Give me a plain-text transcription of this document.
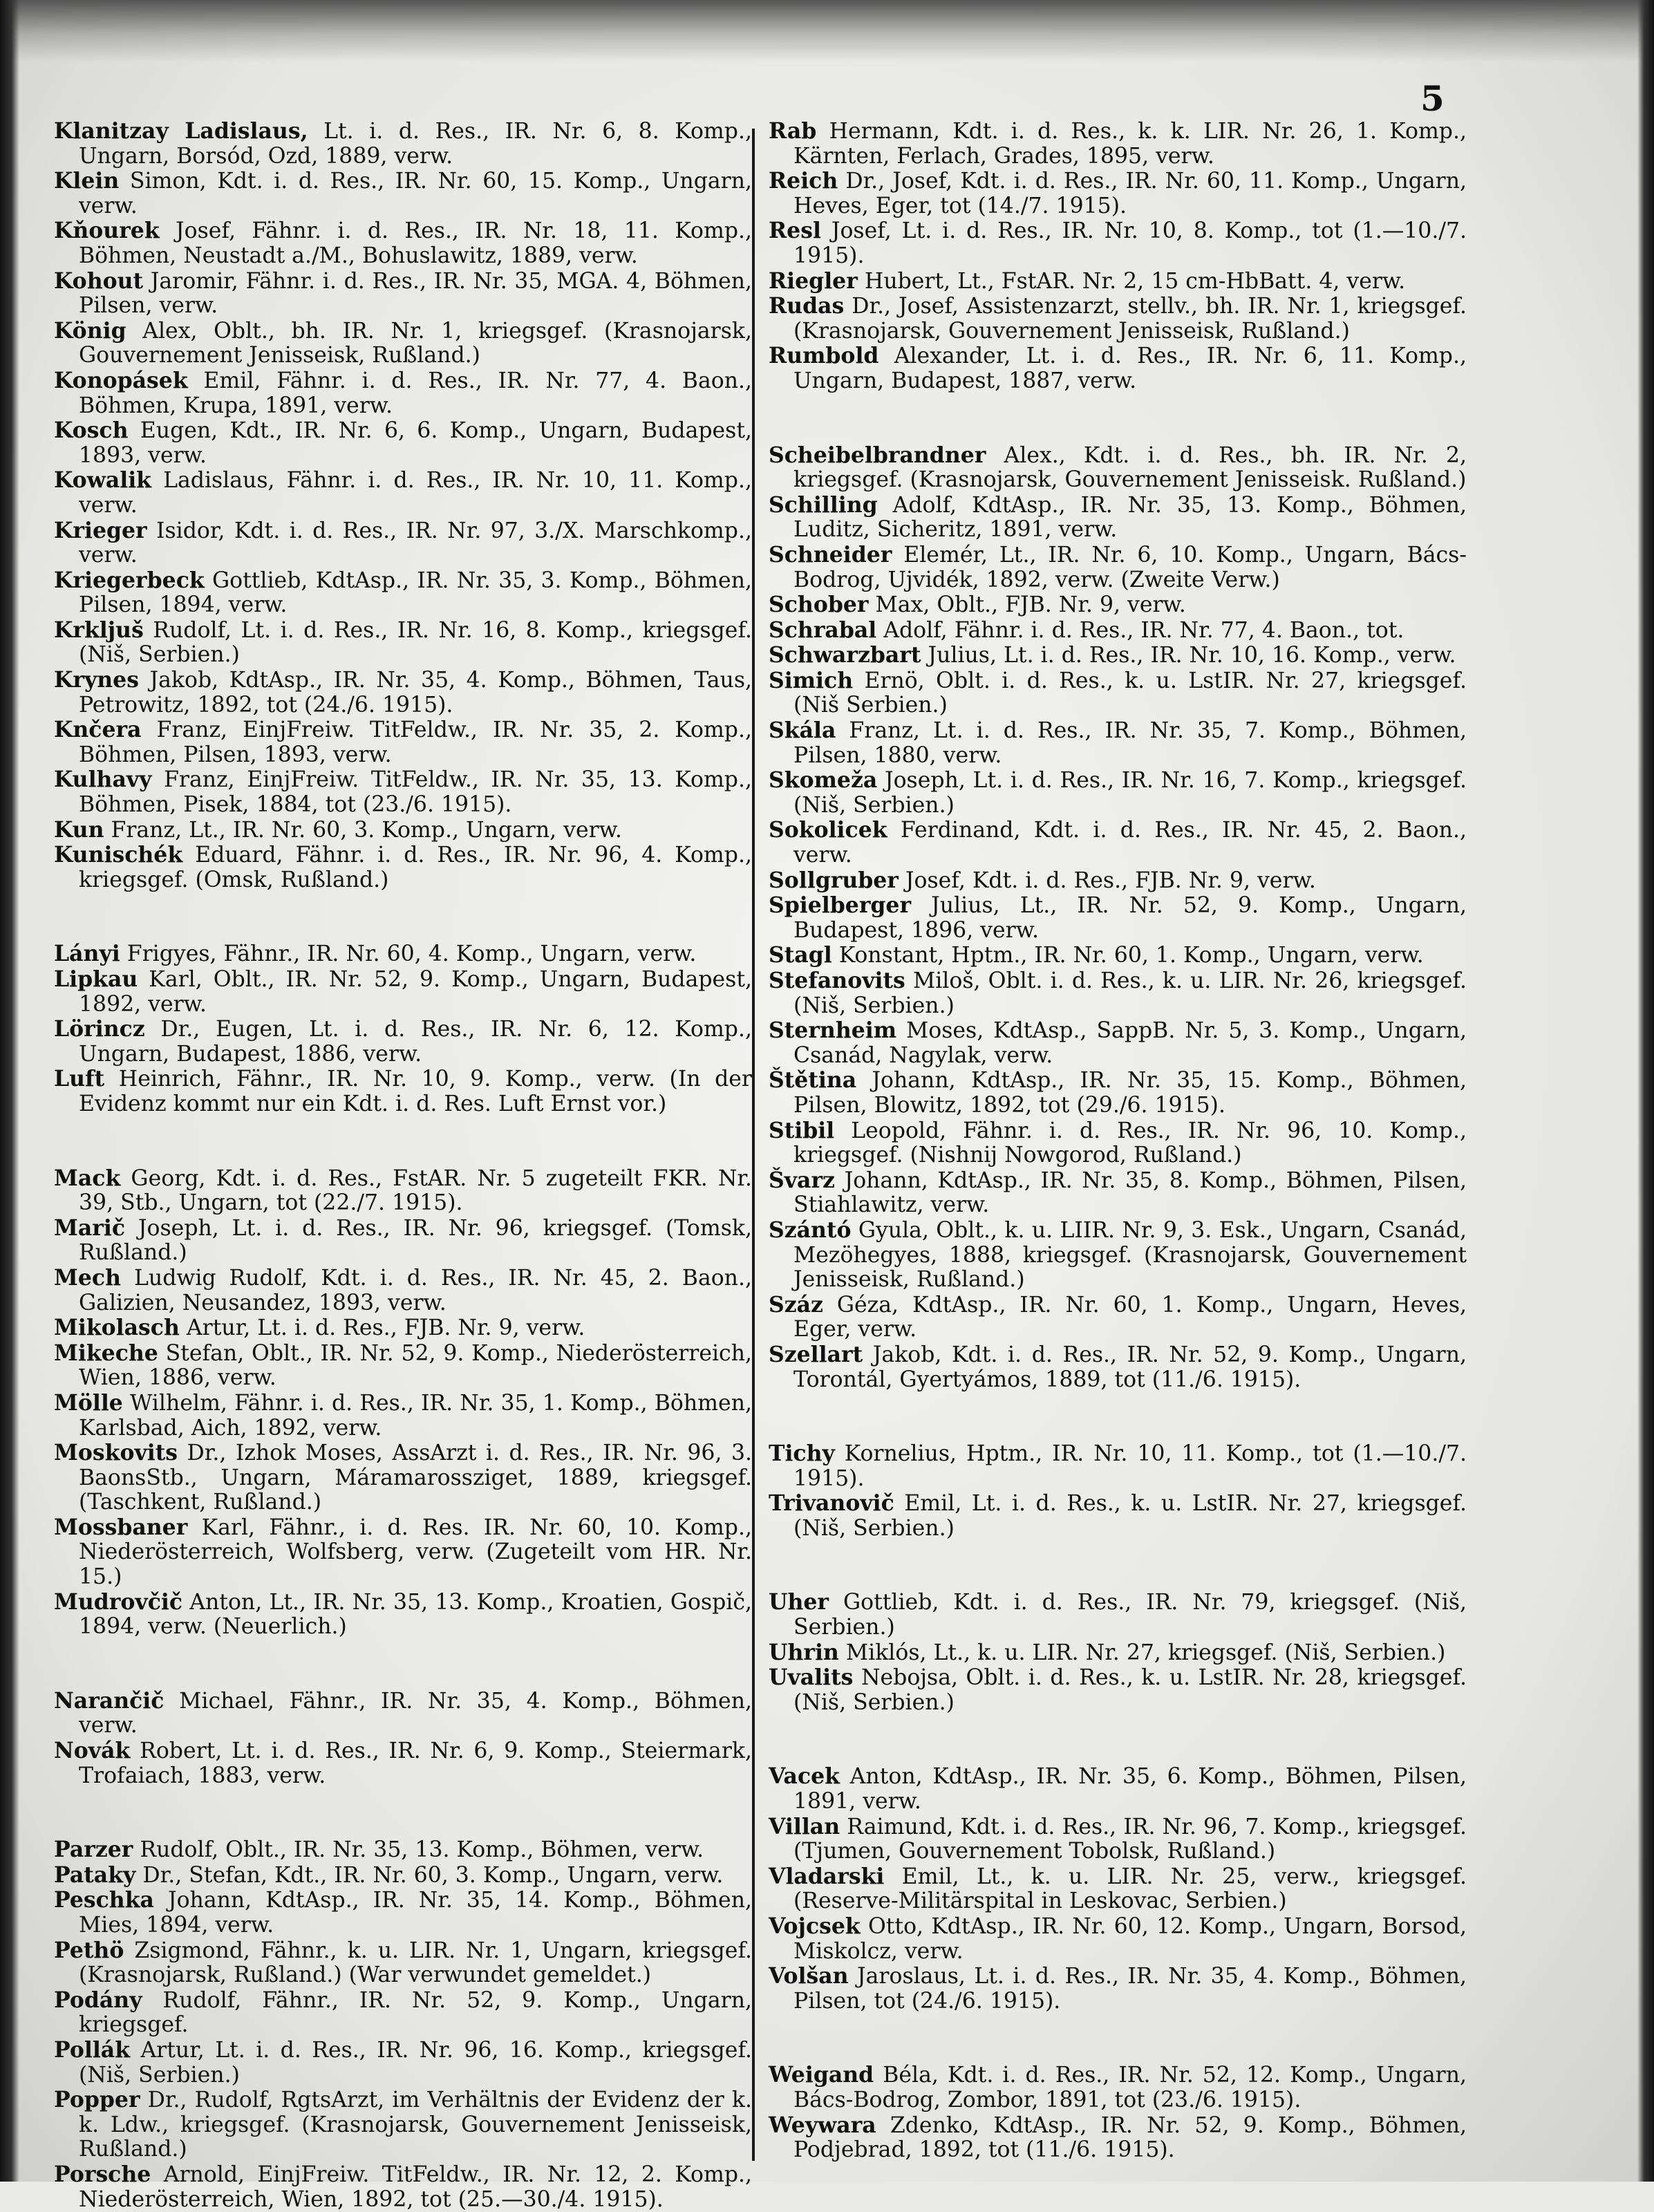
5

Klanitzay Ladislaus, Lt. i. d. Res., IR. Nr. 6, 8. Komp., Ungarn, Borsód, Ozd, 1889, verw.

Klein Simon, Kdt. i. d. Res., IR. Nr. 60, 15. Komp., Ungarn, verw.

Kňourek Josef, Fähnr. i. d. Res., IR. Nr. 18, 11. Komp., Böhmen, Neustadt a./M., Bohuslawitz, 1889, verw.

Kohout Jaromir, Fähnr. i. d. Res., IR. Nr. 35, MGA. 4, Böhmen, Pilsen, verw.

König Alex, Oblt., bh. IR. Nr. 1, kriegsgef. (Krasnojarsk, Gouvernement Jenisseisk, Rußland.)

Konopásek Emil, Fähnr. i. d. Res., IR. Nr. 77, 4. Baon., Böhmen, Krupa, 1891, verw.

Kosch Eugen, Kdt., IR. Nr. 6, 6. Komp., Ungarn, Budapest, 1893, verw.

Kowalik Ladislaus, Fähnr. i. d. Res., IR. Nr. 10, 11. Komp., verw.

Krieger Isidor, Kdt. i. d. Res., IR. Nr. 97, 3./X. Marschkomp., verw.

Kriegerbeck Gottlieb, KdtAsp., IR. Nr. 35, 3. Komp., Böhmen, Pilsen, 1894, verw.

Krkljuš Rudolf, Lt. i. d. Res., IR. Nr. 16, 8. Komp., kriegsgef. (Niš, Serbien.)

Krynes Jakob, KdtAsp., IR. Nr. 35, 4. Komp., Böhmen, Taus, Petrowitz, 1892, tot (24./6. 1915).

Knčera Franz, EinjFreiw. TitFeldw., IR. Nr. 35, 2. Komp., Böhmen, Pilsen, 1893, verw.

Kulhavy Franz, EinjFreiw. TitFeldw., IR. Nr. 35, 13. Komp., Böhmen, Pisek, 1884, tot (23./6. 1915).

Kun Franz, Lt., IR. Nr. 60, 3. Komp., Ungarn, verw.

Kunischék Eduard, Fähnr. i. d. Res., IR. Nr. 96, 4. Komp., kriegsgef. (Omsk, Rußland.)

Lányi Frigyes, Fähnr., IR. Nr. 60, 4. Komp., Ungarn, verw.

Lipkau Karl, Oblt., IR. Nr. 52, 9. Komp., Ungarn, Budapest, 1892, verw.

Lörincz Dr., Eugen, Lt. i. d. Res., IR. Nr. 6, 12. Komp., Ungarn, Budapest, 1886, verw.

Luft Heinrich, Fähnr., IR. Nr. 10, 9. Komp., verw. (In der Evidenz kommt nur ein Kdt. i. d. Res. Luft Ernst vor.)

Mack Georg, Kdt. i. d. Res., FstAR. Nr. 5 zugeteilt FKR. Nr. 39, Stb., Ungarn, tot (22./7. 1915).

Marič Joseph, Lt. i. d. Res., IR. Nr. 96, kriegsgef. (Tomsk, Rußland.)

Mech Ludwig Rudolf, Kdt. i. d. Res., IR. Nr. 45, 2. Baon., Galizien, Neusandez, 1893, verw.

Mikolasch Artur, Lt. i. d. Res., FJB. Nr. 9, verw.

Mikeche Stefan, Oblt., IR. Nr. 52, 9. Komp., Niederösterreich, Wien, 1886, verw.

Mölle Wilhelm, Fähnr. i. d. Res., IR. Nr. 35, 1. Komp., Böhmen, Karlsbad, Aich, 1892, verw.

Moskovits Dr., Izhok Moses, AssArzt i. d. Res., IR. Nr. 96, 3. BaonsStb., Ungarn, Máramarossziget, 1889, kriegsgef. (Taschkent, Rußland.)

Mossbaner Karl, Fähnr., i. d. Res. IR. Nr. 60, 10. Komp., Niederösterreich, Wolfsberg, verw. (Zugeteilt vom HR. Nr. 15.)

Mudrovčič Anton, Lt., IR. Nr. 35, 13. Komp., Kroatien, Gospič, 1894, verw. (Neuerlich.)

Narančič Michael, Fähnr., IR. Nr. 35, 4. Komp., Böhmen, verw.

Novák Robert, Lt. i. d. Res., IR. Nr. 6, 9. Komp., Steiermark, Trofaiach, 1883, verw.

Parzer Rudolf, Oblt., IR. Nr. 35, 13. Komp., Böhmen, verw.

Pataky Dr., Stefan, Kdt., IR. Nr. 60, 3. Komp., Ungarn, verw.

Peschka Johann, KdtAsp., IR. Nr. 35, 14. Komp., Böhmen, Mies, 1894, verw.

Pethö Zsigmond, Fähnr., k. u. LIR. Nr. 1, Ungarn, kriegsgef. (Krasnojarsk, Rußland.) (War verwundet gemeldet.)

Podány Rudolf, Fähnr., IR. Nr. 52, 9. Komp., Ungarn, kriegsgef.

Pollák Artur, Lt. i. d. Res., IR. Nr. 96, 16. Komp., kriegsgef. (Niš, Serbien.)

Popper Dr., Rudolf, RgtsArzt, im Verhältnis der Evidenz der k. k. Ldw., kriegsgef. (Krasnojarsk, Gouvernement Jenisseisk, Rußland.)

Porsche Arnold, EinjFreiw. TitFeldw., IR. Nr. 12, 2. Komp., Niederösterreich, Wien, 1892, tot (25.—30./4. 1915).

Rab Hermann, Kdt. i. d. Res., k. k. LIR. Nr. 26, 1. Komp., Kärnten, Ferlach, Grades, 1895, verw.

Reich Dr., Josef, Kdt. i. d. Res., IR. Nr. 60, 11. Komp., Ungarn, Heves, Eger, tot (14./7. 1915).

Resl Josef, Lt. i. d. Res., IR. Nr. 10, 8. Komp., tot (1.—10./7. 1915).

Riegler Hubert, Lt., FstAR. Nr. 2, 15 cm-HbBatt. 4, verw.

Rudas Dr., Josef, Assistenzarzt, stellv., bh. IR. Nr. 1, kriegsgef. (Krasnojarsk, Gouvernement Jenisseisk, Rußland.)

Rumbold Alexander, Lt. i. d. Res., IR. Nr. 6, 11. Komp., Ungarn, Budapest, 1887, verw.

Scheibelbrandner Alex., Kdt. i. d. Res., bh. IR. Nr. 2, kriegsgef. (Krasnojarsk, Gouvernement Jenisseisk. Rußland.)

Schilling Adolf, KdtAsp., IR. Nr. 35, 13. Komp., Böhmen, Luditz, Sicheritz, 1891, verw.

Schneider Elemér, Lt., IR. Nr. 6, 10. Komp., Ungarn, Bács-Bodrog, Ujvidék, 1892, verw. (Zweite Verw.)

Schober Max, Oblt., FJB. Nr. 9, verw.

Schrabal Adolf, Fähnr. i. d. Res., IR. Nr. 77, 4. Baon., tot.

Schwarzbart Julius, Lt. i. d. Res., IR. Nr. 10, 16. Komp., verw.

Simich Ernö, Oblt. i. d. Res., k. u. LstIR. Nr. 27, kriegsgef. (Niš Serbien.)

Skála Franz, Lt. i. d. Res., IR. Nr. 35, 7. Komp., Böhmen, Pilsen, 1880, verw.

Skomeža Joseph, Lt. i. d. Res., IR. Nr. 16, 7. Komp., kriegsgef. (Niš, Serbien.)

Sokolicek Ferdinand, Kdt. i. d. Res., IR. Nr. 45, 2. Baon., verw.

Sollgruber Josef, Kdt. i. d. Res., FJB. Nr. 9, verw.

Spielberger Julius, Lt., IR. Nr. 52, 9. Komp., Ungarn, Budapest, 1896, verw.

Stagl Konstant, Hptm., IR. Nr. 60, 1. Komp., Ungarn, verw.

Stefanovits Miloš, Oblt. i. d. Res., k. u. LIR. Nr. 26, kriegsgef. (Niš, Serbien.)

Sternheim Moses, KdtAsp., SappB. Nr. 5, 3. Komp., Ungarn, Csanád, Nagylak, verw.

Štětina Johann, KdtAsp., IR. Nr. 35, 15. Komp., Böhmen, Pilsen, Blowitz, 1892, tot (29./6. 1915).

Stibil Leopold, Fähnr. i. d. Res., IR. Nr. 96, 10. Komp., kriegsgef. (Nishnij Nowgorod, Rußland.)

Švarz Johann, KdtAsp., IR. Nr. 35, 8. Komp., Böhmen, Pilsen, Stiahlawitz, verw.

Szántó Gyula, Oblt., k. u. LIIR. Nr. 9, 3. Esk., Ungarn, Csanád, Mezöhegyes, 1888, kriegsgef. (Krasnojarsk, Gouvernement Jenisseisk, Rußland.)

Száz Géza, KdtAsp., IR. Nr. 60, 1. Komp., Ungarn, Heves, Eger, verw.

Szellart Jakob, Kdt. i. d. Res., IR. Nr. 52, 9. Komp., Ungarn, Torontál, Gyertyámos, 1889, tot (11./6. 1915).

Tichy Kornelius, Hptm., IR. Nr. 10, 11. Komp., tot (1.—10./7. 1915).

Trivanovič Emil, Lt. i. d. Res., k. u. LstIR. Nr. 27, kriegsgef. (Niš, Serbien.)

Uher Gottlieb, Kdt. i. d. Res., IR. Nr. 79, kriegsgef. (Niš, Serbien.)

Uhrin Miklós, Lt., k. u. LIR. Nr. 27, kriegsgef. (Niš, Serbien.)

Uvalits Nebojsa, Oblt. i. d. Res., k. u. LstIR. Nr. 28, kriegsgef. (Niš, Serbien.)

Vacek Anton, KdtAsp., IR. Nr. 35, 6. Komp., Böhmen, Pilsen, 1891, verw.

Villan Raimund, Kdt. i. d. Res., IR. Nr. 96, 7. Komp., kriegsgef. (Tjumen, Gouvernement Tobolsk, Rußland.)

Vladarski Emil, Lt., k. u. LIR. Nr. 25, verw., kriegsgef. (Reserve-Militärspital in Leskovac, Serbien.)

Vojcsek Otto, KdtAsp., IR. Nr. 60, 12. Komp., Ungarn, Borsod, Miskolcz, verw.

Volšan Jaroslaus, Lt. i. d. Res., IR. Nr. 35, 4. Komp., Böhmen, Pilsen, tot (24./6. 1915).

Weigand Béla, Kdt. i. d. Res., IR. Nr. 52, 12. Komp., Ungarn, Bács-Bodrog, Zombor, 1891, tot (23./6. 1915).

Weywara Zdenko, KdtAsp., IR. Nr. 52, 9. Komp., Böhmen, Podjebrad, 1892, tot (11./6. 1915).
